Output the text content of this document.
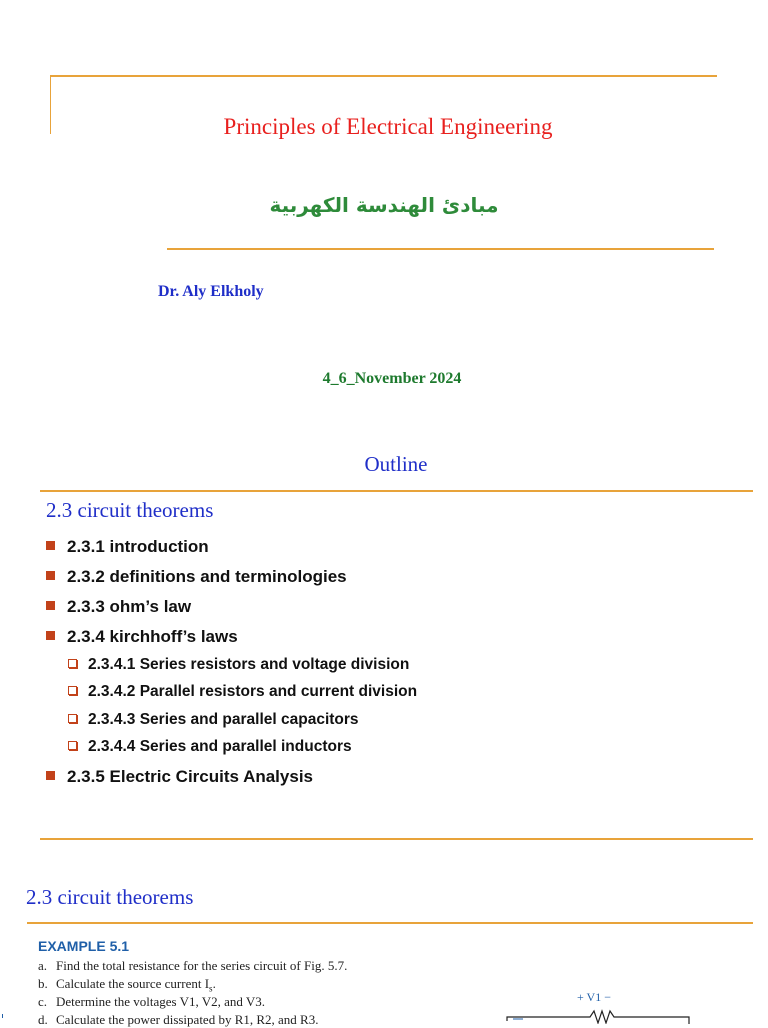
Principles of Electrical Engineering
مبادئ الهندسة الكهربية
Dr. Aly Elkholy
4_6_November 2024
Outline
2.3 circuit theorems
2.3.1 introduction
2.3.2 definitions and terminologies
2.3.3 ohm’s law
2.3.4 kirchhoff’s laws
2.3.4.1 Series resistors and voltage division
2.3.4.2 Parallel resistors and current division
2.3.4.3 Series and parallel capacitors
2.3.4.4 Series and parallel inductors
2.3.5 Electric Circuits Analysis
2.3 circuit theorems
EXAMPLE 5.1
a. Find the total resistance for the series circuit of Fig. 5.7.
b. Calculate the source current $I_s$.
c. Determine the voltages V1, V2, and V3.
d. Calculate the power dissipated by R1, R2, and R3.
+ V1 −
